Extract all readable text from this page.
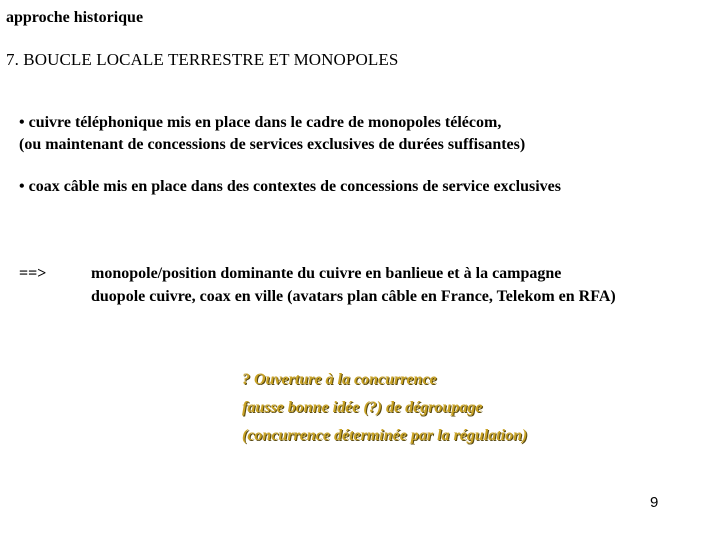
approche historique
7. BOUCLE LOCALE TERRESTRE ET MONOPOLES
• cuivre téléphonique mis en place dans le cadre de monopoles télécom,
(ou maintenant de concessions de services exclusives de durées suffisantes)
• coax câble mis en place dans des contextes de concessions de service exclusives
==>	monopole/position dominante du cuivre en banlieue et à la campagne
duopole cuivre, coax en ville (avatars plan câble en France, Telekom en RFA)
? Ouverture à la concurrence
fausse bonne idée (?) de dégroupage
(concurrence déterminée par la régulation)
9
